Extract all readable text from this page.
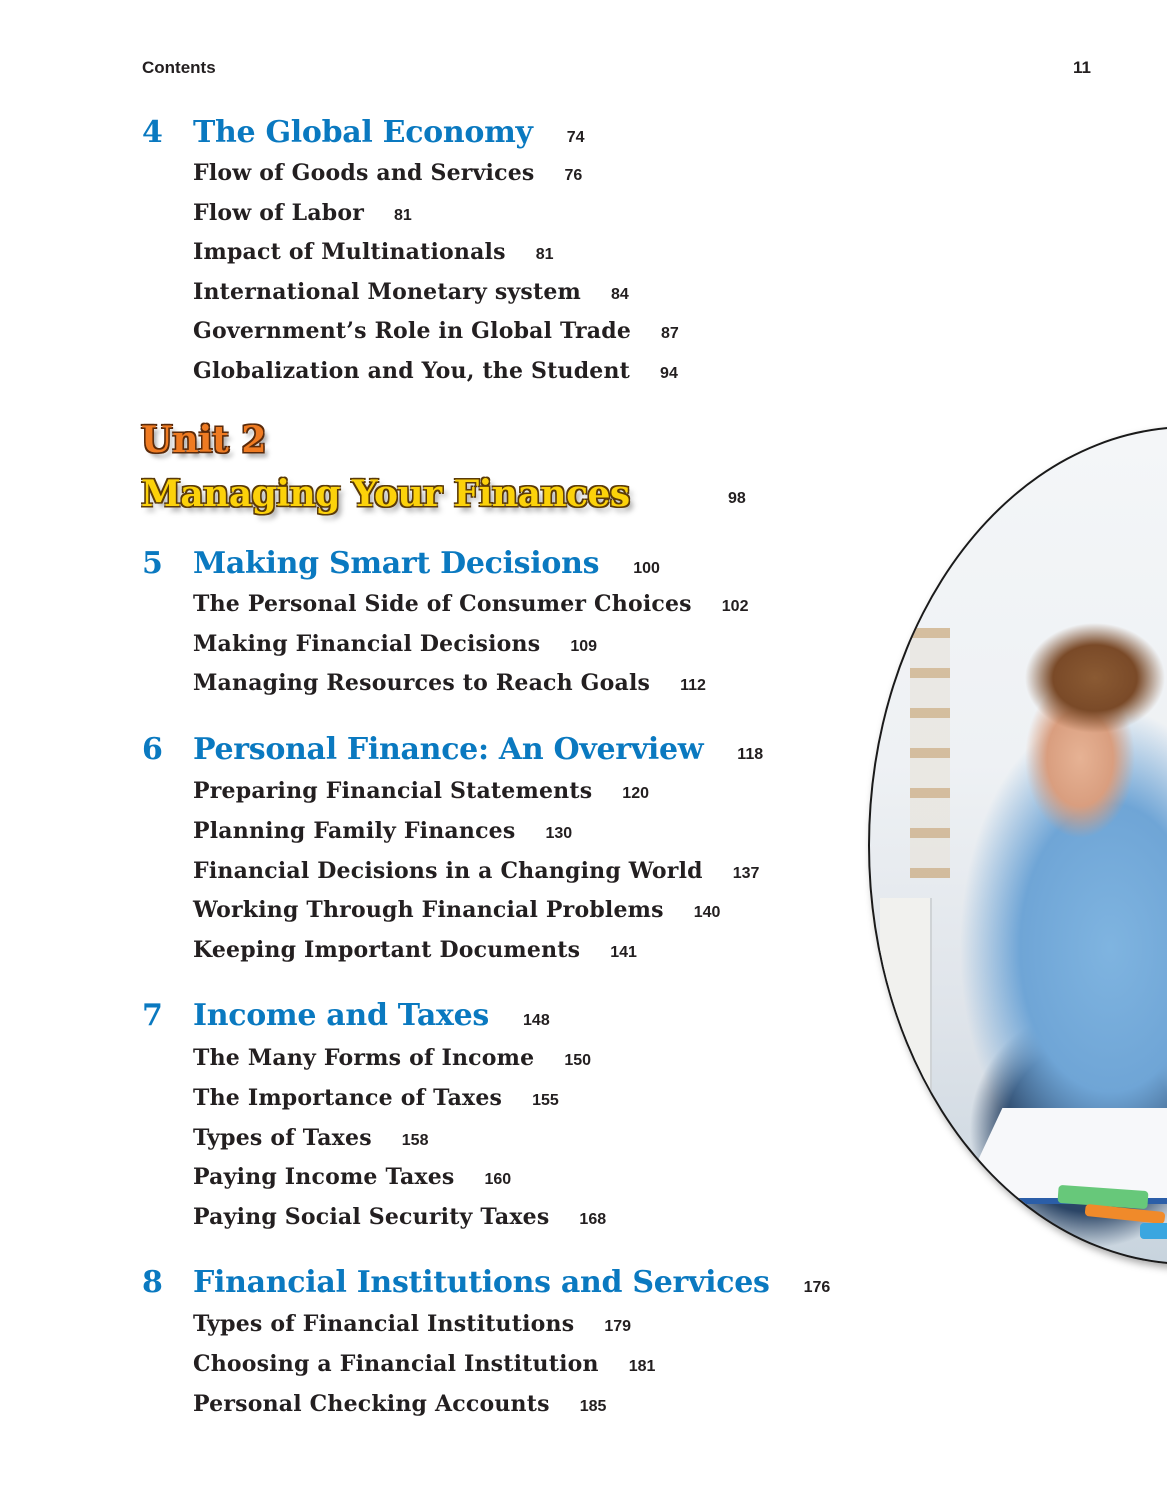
Contents	11
4 The Global Economy 74
Flow of Goods and Services 76
Flow of Labor 81
Impact of Multinationals 81
International Monetary system 84
Government’s Role in Global Trade 87
Globalization and You, the Student 94
Unit 2
Managing Your Finances	98
5 Making Smart Decisions 100
The Personal Side of Consumer Choices 102
Making Financial Decisions 109
Managing Resources to Reach Goals 112
6 Personal Finance: An Overview 118
Preparing Financial Statements 120
Planning Family Finances 130
Financial Decisions in a Changing World 137
Working Through Financial Problems 140
Keeping Important Documents 141
7 Income and Taxes 148
The Many Forms of Income 150
The Importance of Taxes 155
Types of Taxes 158
Paying Income Taxes 160
Paying Social Security Taxes 168
8 Financial Institutions and Services 176
Types of Financial Institutions 179
Choosing a Financial Institution 181
Personal Checking Accounts 185
